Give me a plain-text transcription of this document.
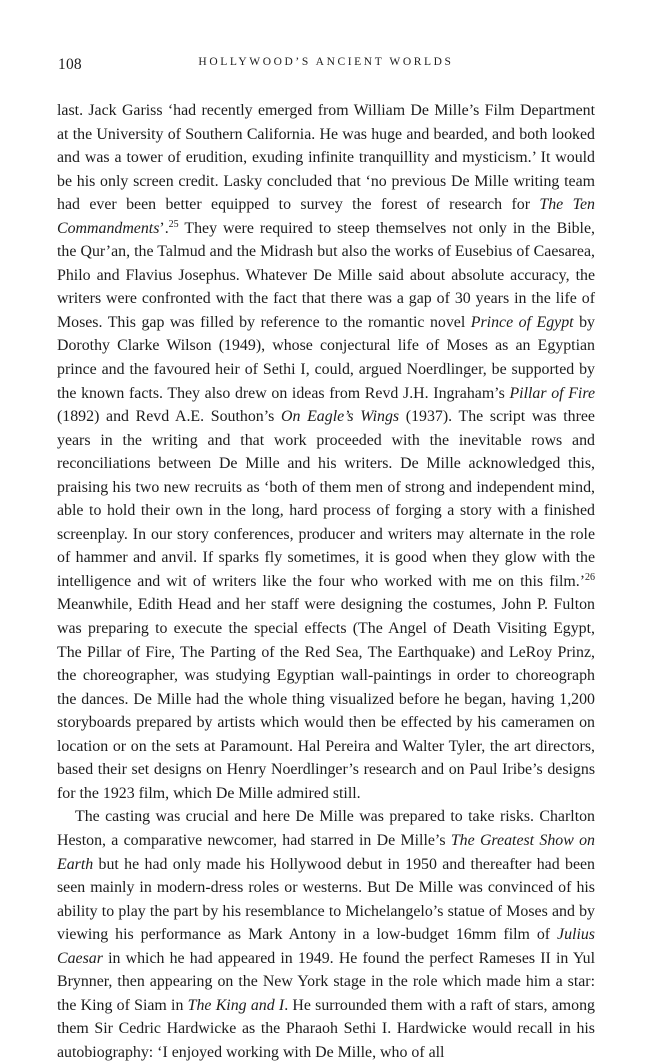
108	HOLLYWOOD’S ANCIENT WORLDS

last. Jack Gariss ‘had recently emerged from William De Mille’s Film Department at the University of Southern California. He was huge and bearded, and both looked and was a tower of erudition, exuding infinite tranquillity and mysticism.’ It would be his only screen credit. Lasky concluded that ‘no previous De Mille writing team had ever been better equipped to survey the forest of research for The Ten Commandments’.$^{25}$ They were required to steep themselves not only in the Bible, the Qur’an, the Talmud and the Midrash but also the works of Eusebius of Caesarea, Philo and Flavius Josephus. Whatever De Mille said about absolute accuracy, the writers were confronted with the fact that there was a gap of 30 years in the life of Moses. This gap was filled by reference to the romantic novel Prince of Egypt by Dorothy Clarke Wilson (1949), whose conjectural life of Moses as an Egyptian prince and the favoured heir of Sethi I, could, argued Noerdlinger, be supported by the known facts. They also drew on ideas from Revd J.H. Ingraham’s Pillar of Fire (1892) and Revd A.E. Southon’s On Eagle’s Wings (1937). The script was three years in the writing and that work proceeded with the inevitable rows and reconciliations between De Mille and his writers. De Mille acknowledged this, praising his two new recruits as ‘both of them men of strong and independent mind, able to hold their own in the long, hard process of forging a story with a finished screenplay. In our story conferences, producer and writers may alternate in the role of hammer and anvil. If sparks fly sometimes, it is good when they glow with the intelligence and wit of writers like the four who worked with me on this film.’$^{26}$ Meanwhile, Edith Head and her staff were designing the costumes, John P. Fulton was preparing to execute the special effects (The Angel of Death Visiting Egypt, The Pillar of Fire, The Parting of the Red Sea, The Earthquake) and LeRoy Prinz, the choreographer, was studying Egyptian wall-paintings in order to choreograph the dances. De Mille had the whole thing visualized before he began, having 1,200 storyboards prepared by artists which would then be effected by his cameramen on location or on the sets at Paramount. Hal Pereira and Walter Tyler, the art directors, based their set designs on Henry Noerdlinger’s research and on Paul Iribe’s designs for the 1923 film, which De Mille admired still.

The casting was crucial and here De Mille was prepared to take risks. Charlton Heston, a comparative newcomer, had starred in De Mille’s The Greatest Show on Earth but he had only made his Hollywood debut in 1950 and thereafter had been seen mainly in modern-dress roles or westerns. But De Mille was convinced of his ability to play the part by his resemblance to Michelangelo’s statue of Moses and by viewing his performance as Mark Antony in a low-budget 16mm film of Julius Caesar in which he had appeared in 1949. He found the perfect Rameses II in Yul Brynner, then appearing on the New York stage in the role which made him a star: the King of Siam in The King and I. He surrounded them with a raft of stars, among them Sir Cedric Hardwicke as the Pharaoh Sethi I. Hardwicke would recall in his autobiography: ‘I enjoyed working with De Mille, who of all
